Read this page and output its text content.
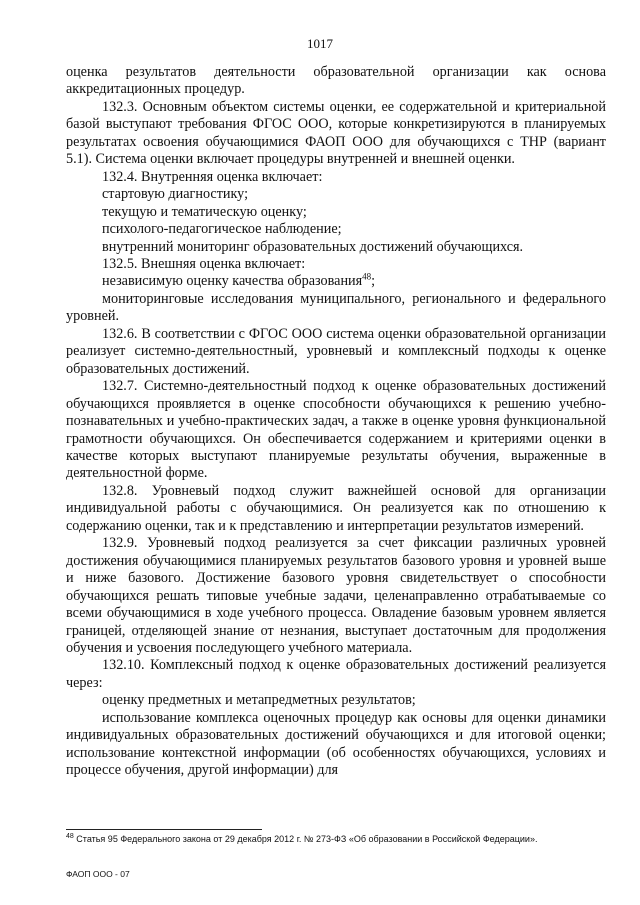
1017

оценка результатов деятельности образовательной организации как основа аккредитационных процедур.

132.3. Основным объектом системы оценки, ее содержательной и критериальной базой выступают требования ФГОС ООО, которые конкретизируются в планируемых результатах освоения обучающимися ФАОП ООО для обучающихся с ТНР (вариант 5.1). Система оценки включает процедуры внутренней и внешней оценки.

132.4. Внутренняя оценка включает:

стартовую диагностику;

текущую и тематическую оценку;

психолого-педагогическое наблюдение;

внутренний мониторинг образовательных достижений обучающихся.

132.5. Внешняя оценка включает:

независимую оценку качества образования$^{48}$;

мониторинговые исследования муниципального, регионального и федерального уровней.

132.6. В соответствии с ФГОС ООО система оценки образовательной организации реализует системно-деятельностный, уровневый и комплексный подходы к оценке образовательных достижений.

132.7. Системно-деятельностный подход к оценке образовательных достижений обучающихся проявляется в оценке способности обучающихся к решению учебно-познавательных и учебно-практических задач, а также в оценке уровня функциональной грамотности обучающихся. Он обеспечивается содержанием и критериями оценки в качестве которых выступают планируемые результаты обучения, выраженные в деятельностной форме.

132.8. Уровневый подход служит важнейшей основой для организации индивидуальной работы с обучающимися. Он реализуется как по отношению к содержанию оценки, так и к представлению и интерпретации результатов измерений.

132.9. Уровневый подход реализуется за счет фиксации различных уровней достижения обучающимися планируемых результатов базового уровня и уровней выше и ниже базового. Достижение базового уровня свидетельствует о способности обучающихся решать типовые учебные задачи, целенаправленно отрабатываемые со всеми обучающимися в ходе учебного процесса. Овладение базовым уровнем является границей, отделяющей знание от незнания, выступает достаточным для продолжения обучения и усвоения последующего учебного материала.

132.10. Комплексный подход к оценке образовательных достижений реализуется через:

оценку предметных и метапредметных результатов;

использование комплекса оценочных процедур как основы для оценки динамики индивидуальных образовательных достижений обучающихся и для итоговой оценки; использование контекстной информации (об особенностях обучающихся, условиях и процессе обучения, другой информации) для

$^{48}$ Статья 95 Федерального закона от 29 декабря 2012 г. № 273-ФЗ «Об образовании в Российской Федерации».
ФАОП ООО - 07
